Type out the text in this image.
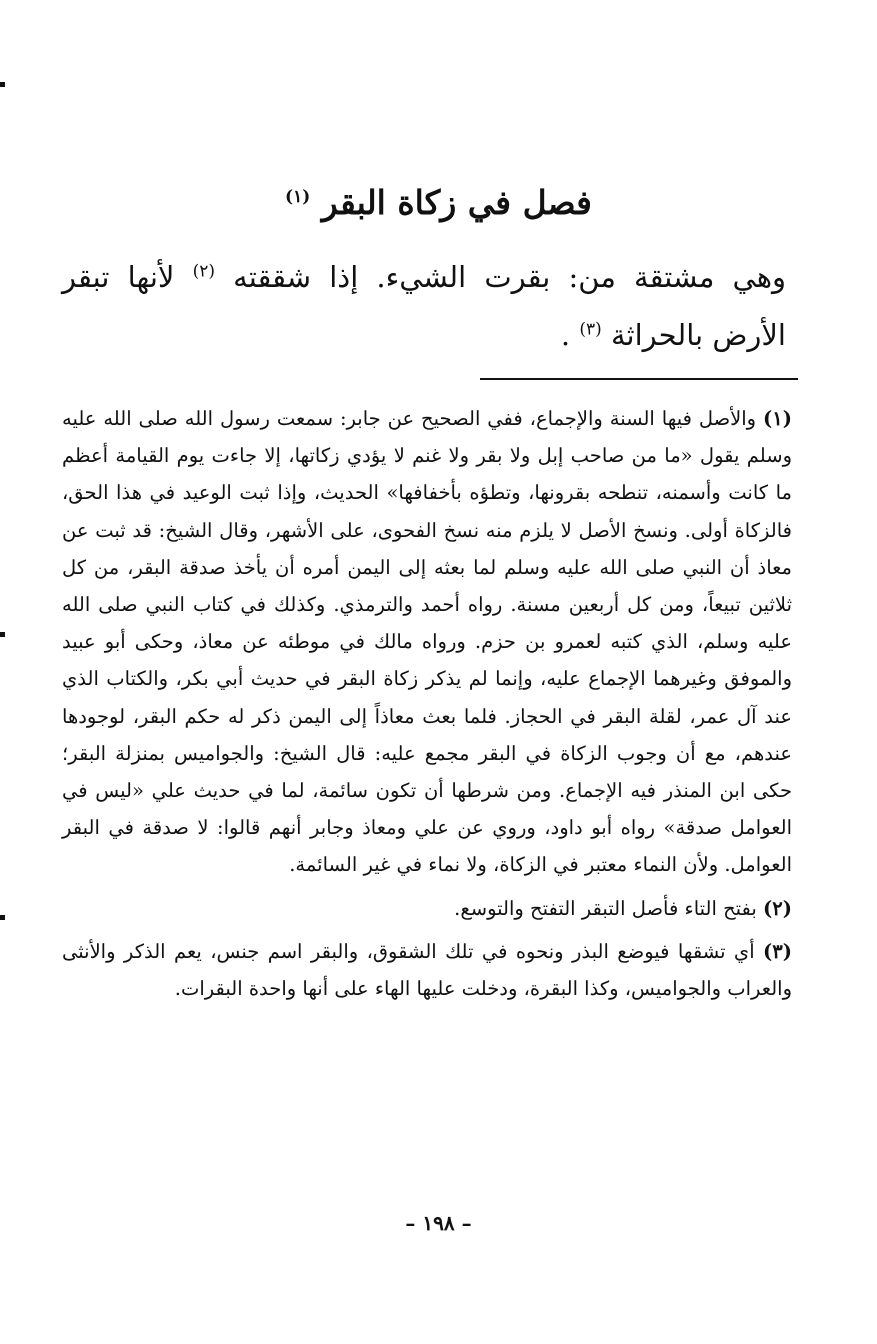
فصل في زكاة البقر $^{(١)}$
وهي مشتقة من: بقرت الشيء. إذا شققته $^{(٢)}$ لأنها تبقر الأرض بالحراثة $^{(٣)}$ .

(١) والأصل فيها السنة والإجماع، ففي الصحيح عن جابر: سمعت رسول الله صلى الله عليه وسلم يقول «ما من صاحب إبل ولا بقر ولا غنم لا يؤدي زكاتها، إلا جاءت يوم القيامة أعظم ما كانت وأسمنه، تنطحه بقرونها، وتطؤه بأخفافها» الحديث، وإذا ثبت الوعيد في هذا الحق، فالزكاة أولى. ونسخ الأصل لا يلزم منه نسخ الفحوى، على الأشهر، وقال الشيخ: قد ثبت عن معاذ أن النبي صلى الله عليه وسلم لما بعثه إلى اليمن أمره أن يأخذ صدقة البقر، من كل ثلاثين تبيعاً، ومن كل أربعين مسنة. رواه أحمد والترمذي. وكذلك في كتاب النبي صلى الله عليه وسلم، الذي كتبه لعمرو بن حزم. ورواه مالك في موطئه عن معاذ، وحكى أبو عبيد والموفق وغيرهما الإجماع عليه، وإنما لم يذكر زكاة البقر في حديث أبي بكر، والكتاب الذي عند آل عمر، لقلة البقر في الحجاز. فلما بعث معاذاً إلى اليمن ذكر له حكم البقر، لوجودها عندهم، مع أن وجوب الزكاة في البقر مجمع عليه: قال الشيخ: والجواميس بمنزلة البقر؛ حكى ابن المنذر فيه الإجماع. ومن شرطها أن تكون سائمة، لما في حديث علي «ليس في العوامل صدقة» رواه أبو داود، وروي عن علي ومعاذ وجابر أنهم قالوا: لا صدقة في البقر العوامل. ولأن النماء معتبر في الزكاة، ولا نماء في غير السائمة.

(٢) بفتح التاء فأصل التبقر التفتح والتوسع.

(٣) أي تشقها فيوضع البذر ونحوه في تلك الشقوق، والبقر اسم جنس، يعم الذكر والأنثى والعراب والجواميس، وكذا البقرة، ودخلت عليها الهاء على أنها واحدة البقرات.

– ١٩٨ –
